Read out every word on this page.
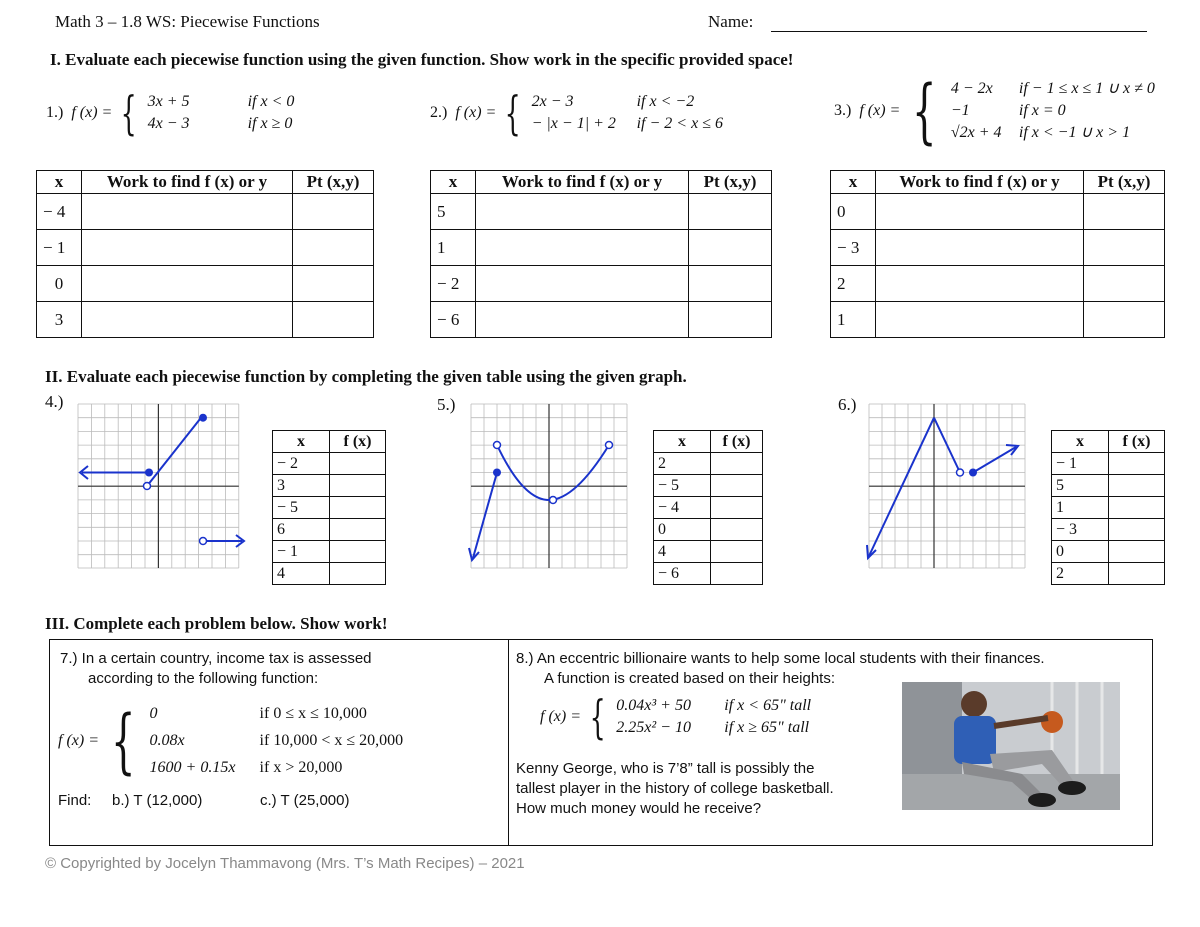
Math 3 – 1.8 WS: Piecewise Functions	Name:
I. Evaluate each piecewise function using the given function. Show work in the specific provided space!
1.)
f (x) = { 3x + 5	if x < 0
4x − 3	if x ≥ 0
2.)
f (x) = { 2x − 3	if x < −2
− |x − 1| + 2 if − 2 < x ≤ 6
3.)
f (x) = { 4 − 2x if − 1 ≤ x ≤ 1 ∪ x ≠ 0
−1	if x = 0
√2x + 4 if x < −1 ∪ x > 1
x	Work to find f (x) or y	Pt (x,y)
− 4		
− 1		
0		
3		
x	Work to find f (x) or y	Pt (x,y)
5		
1		
− 2		
− 6		
x	Work to find f (x) or y	Pt (x,y)
0		
− 3		
2		
1		
II. Evaluate each piecewise function by completing the given table using the given graph.
4.)	5.)	6.)
x	f (x)
− 2	
3	
− 5	
6	
− 1	
4	
x	f (x)
2	
− 5	
− 4	
0	
4	
− 6	
x	f (x)
− 1	
5	
1	
− 3	
0	
2	
III. Complete each problem below. Show work!
7.) In a certain country, income tax is assessed
according to the following function:
f (x) = { 0	if 0 ≤ x ≤ 10,000
0.08x	if 10,000 < x ≤ 20,000
1600 + 0.15x if x > 20,000
Find: b.) T (12,000)	c.) T (25,000)
8.) An eccentric billionaire wants to help some local students with their finances.
A function is created based on their heights:
f (x) = { 0.04x³ + 50 if x < 65" tall
2.25x² − 10 if x ≥ 65" tall
Kenny George, who is 7’8” tall is possibly the
tallest player in the history of college basketball.
How much money would he receive?
© Copyrighted by Jocelyn Thammavong (Mrs. T’s Math Recipes) – 2021
